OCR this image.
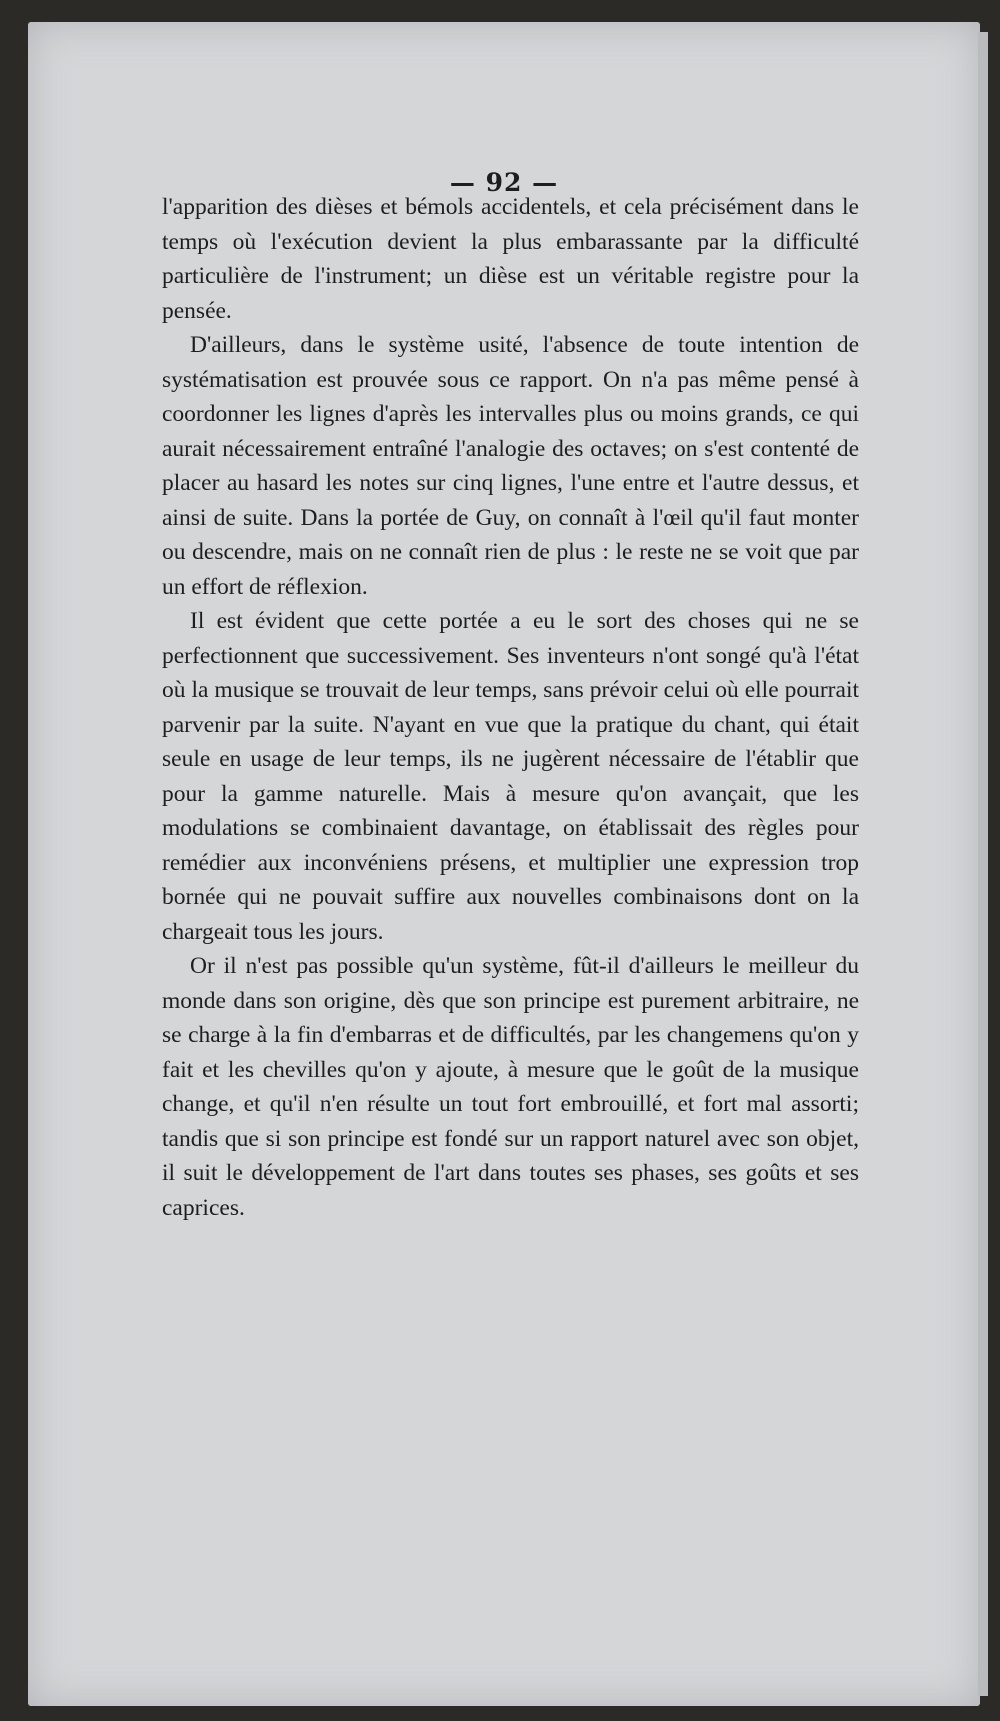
— 92 —

l'apparition des dièses et bémols accidentels, et cela précisément dans le temps où l'exécution devient la plus embarassante par la difficulté particulière de l'instrument; un dièse est un véritable registre pour la pensée.

D'ailleurs, dans le système usité, l'absence de toute intention de systématisation est prouvée sous ce rapport. On n'a pas même pensé à coordonner les lignes d'après les intervalles plus ou moins grands, ce qui aurait nécessairement entraîné l'analogie des octaves; on s'est contenté de placer au hasard les notes sur cinq lignes, l'une entre et l'autre dessus, et ainsi de suite. Dans la portée de Guy, on connaît à l'œil qu'il faut monter ou descendre, mais on ne connaît rien de plus : le reste ne se voit que par un effort de réflexion.

Il est évident que cette portée a eu le sort des choses qui ne se perfectionnent que successivement. Ses inventeurs n'ont songé qu'à l'état où la musique se trouvait de leur temps, sans prévoir celui où elle pourrait parvenir par la suite. N'ayant en vue que la pratique du chant, qui était seule en usage de leur temps, ils ne jugèrent nécessaire de l'établir que pour la gamme naturelle. Mais à mesure qu'on avançait, que les modulations se combinaient davantage, on établissait des règles pour remédier aux inconvéniens présens, et multiplier une expression trop bornée qui ne pouvait suffire aux nouvelles combinaisons dont on la chargeait tous les jours.

Or il n'est pas possible qu'un système, fût-il d'ailleurs le meilleur du monde dans son origine, dès que son principe est purement arbitraire, ne se charge à la fin d'embarras et de difficultés, par les changemens qu'on y fait et les chevilles qu'on y ajoute, à mesure que le goût de la musique change, et qu'il n'en résulte un tout fort embrouillé, et fort mal assorti; tandis que si son principe est fondé sur un rapport naturel avec son objet, il suit le développement de l'art dans toutes ses phases, ses goûts et ses caprices.
